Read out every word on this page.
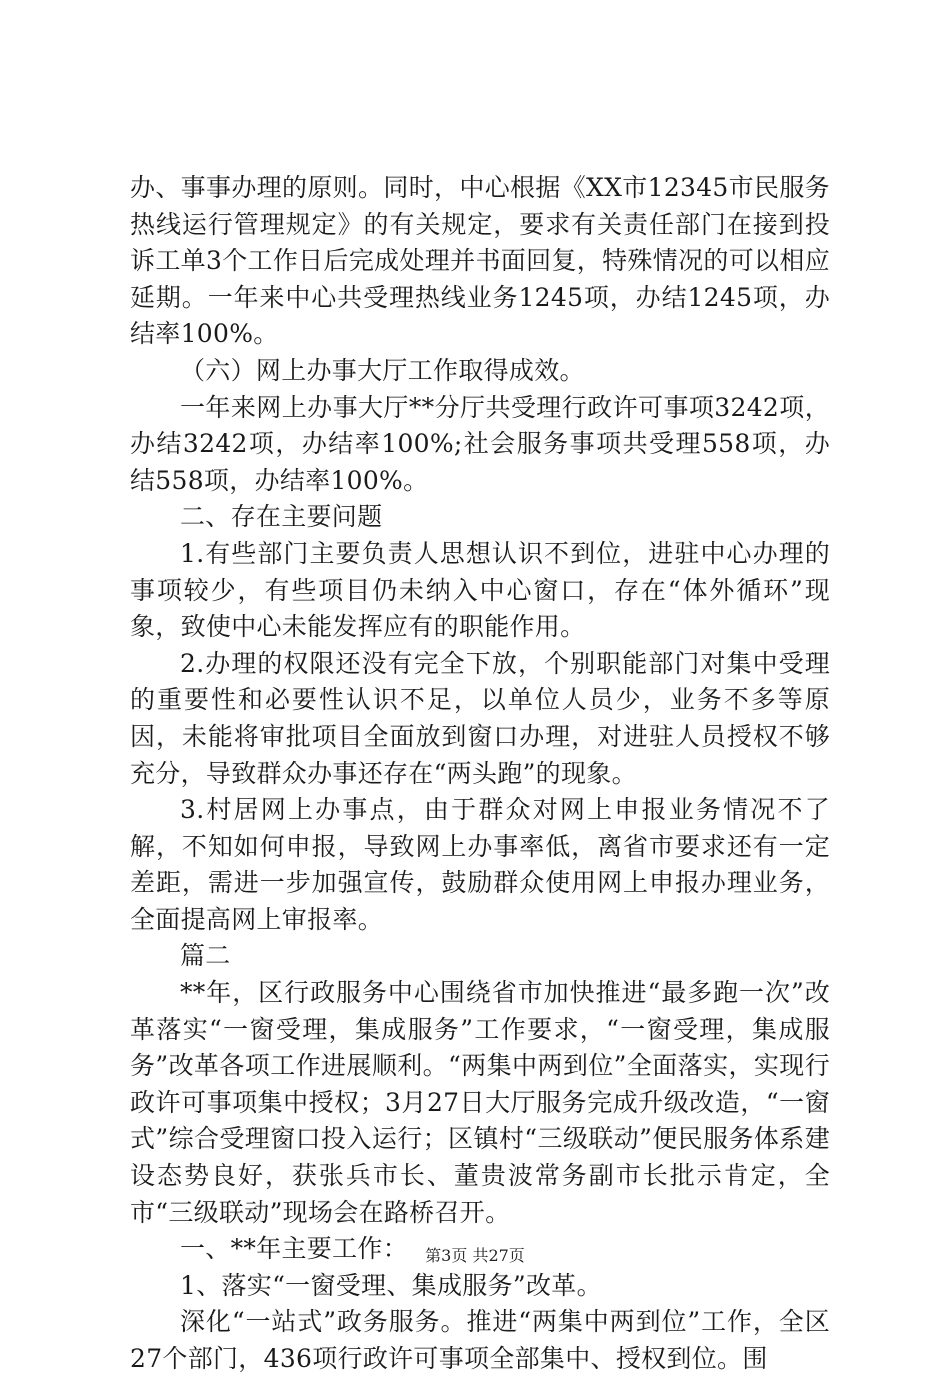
办、事事办理的原则。同时，中心根据《XX市12345市民服务热线运行管理规定》的有关规定，要求有关责任部门在接到投诉工单3个工作日后完成处理并书面回复，特殊情况的可以相应延期。一年来中心共受理热线业务1245项，办结1245项，办结率100%。

（六）网上办事大厅工作取得成效。

一年来网上办事大厅**分厅共受理行政许可事项3242项，办结3242项，办结率100%;社会服务事项共受理558项，办结558项，办结率100%。

二、存在主要问题

1.有些部门主要负责人思想认识不到位，进驻中心办理的事项较少，有些项目仍未纳入中心窗口，存在“体外循环”现象，致使中心未能发挥应有的职能作用。

2.办理的权限还没有完全下放，个别职能部门对集中受理的重要性和必要性认识不足，以单位人员少，业务不多等原因，未能将审批项目全面放到窗口办理，对进驻人员授权不够充分，导致群众办事还存在“两头跑”的现象。

3.村居网上办事点，由于群众对网上申报业务情况不了解，不知如何申报，导致网上办事率低，离省市要求还有一定差距，需进一步加强宣传，鼓励群众使用网上申报办理业务，全面提高网上审报率。

篇二

**年，区行政服务中心围绕省市加快推进“最多跑一次”改革落实“一窗受理，集成服务”工作要求，“一窗受理，集成服务”改革各项工作进展顺利。“两集中两到位”全面落实，实现行政许可事项集中授权；3月27日大厅服务完成升级改造，“一窗式”综合受理窗口投入运行；区镇村“三级联动”便民服务体系建设态势良好，获张兵市长、董贵波常务副市长批示肯定，全市“三级联动”现场会在路桥召开。

一、**年主要工作：

1、落实“一窗受理、集成服务”改革。

深化“一站式”政务服务。推进“两集中两到位”工作，全区27个部门，436项行政许可事项全部集中、授权到位。围

第3页 共27页
